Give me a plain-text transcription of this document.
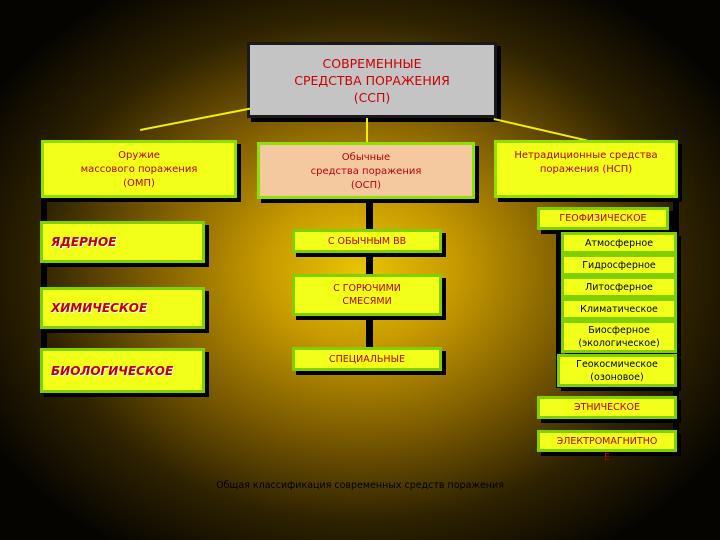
СОВРЕМЕННЫЕ
СРЕДСТВА ПОРАЖЕНИЯ
(ССП)
Оружие
массового поражения
(ОМП)
Обычные
средства поражения
(ОСП)
Нетрадиционные средства
поражения (НСП)
ЯДЕРНОЕ
ХИМИЧЕСКОЕ
БИОЛОГИЧЕСКОЕ
С ОБЫЧНЫМ ВВ
С ГОРЮЧИМИ
СМЕСЯМИ
СПЕЦИАЛЬНЫЕ
ГЕОФИЗИЧЕСКОЕ
Атмосферное
Гидросферное
Литосферное
Климатическое
Биосферное
(экологическое)
Геокосмическое
(озоновое)
ЭТНИЧЕСКОЕ
ЭЛЕКТРОМАГНИТНО
Е
Общая классификация современных средств поражения
